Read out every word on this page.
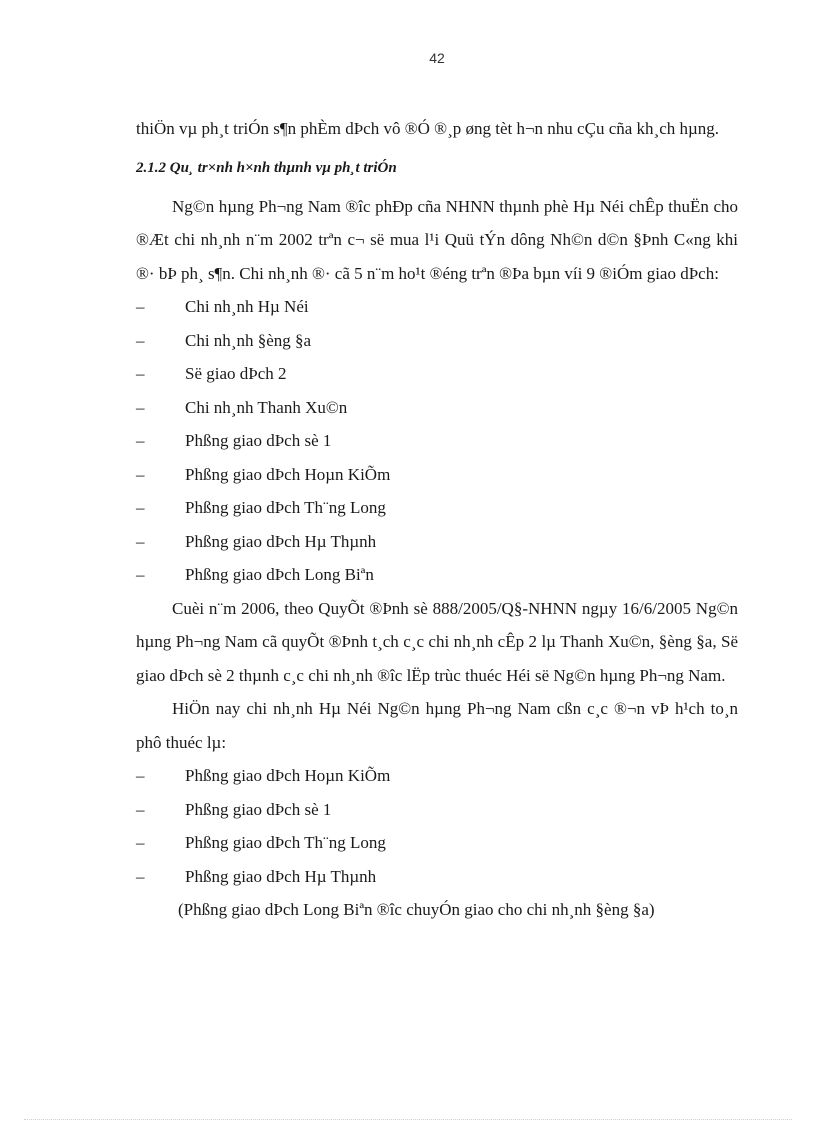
42

thiÖn vµ ph¸t triÓn s¶n phÈm dÞch vô ®Ó ®¸p øng tèt h¬n nhu cÇu cña kh¸ch hµng.

2.1.2 Qu¸ tr×nh h×nh thµnh vµ ph¸t triÓn

Ng©n hµng Ph¬ng Nam ®îc phÐp cña NHNN thµnh phè Hµ Néi chÊp thuËn cho ®Æt chi nh¸nh n¨m 2002 trªn c¬ së mua l¹i Quü tÝn dông Nh©n d©n §Þnh C«ng khi ®· bÞ ph¸ s¶n. Chi nh¸nh ®· cã 5 n¨m ho¹t ®éng trªn ®Þa bµn víi 9 ®iÓm giao dÞch:

– Chi nh¸nh Hµ Néi
– Chi nh¸nh §èng §a
– Së giao dÞch 2
– Chi nh¸nh Thanh Xu©n
– Phßng giao dÞch sè 1
– Phßng giao dÞch Hoµn KiÕm
– Phßng giao dÞch Th¨ng Long
– Phßng giao dÞch Hµ Thµnh
– Phßng giao dÞch Long Biªn

Cuèi n¨m 2006, theo QuyÕt ®Þnh sè 888/2005/Q§-NHNN ngµy 16/6/2005 Ng©n hµng Ph¬ng Nam cã quyÕt ®Þnh t¸ch c¸c chi nh¸nh cÊp 2 lµ Thanh Xu©n, §èng §a, Së giao dÞch sè 2 thµnh c¸c chi nh¸nh ®îc lËp trùc thuéc Héi së Ng©n hµng Ph¬ng Nam.

HiÖn nay chi nh¸nh Hµ Néi Ng©n hµng Ph¬ng Nam cßn c¸c ®¬n vÞ h¹ch to¸n phô thuéc lµ:

– Phßng giao dÞch Hoµn KiÕm
– Phßng giao dÞch sè 1
– Phßng giao dÞch Th¨ng Long
– Phßng giao dÞch Hµ Thµnh

(Phßng giao dÞch Long Biªn ®îc chuyÓn giao cho chi nh¸nh §èng §a)
